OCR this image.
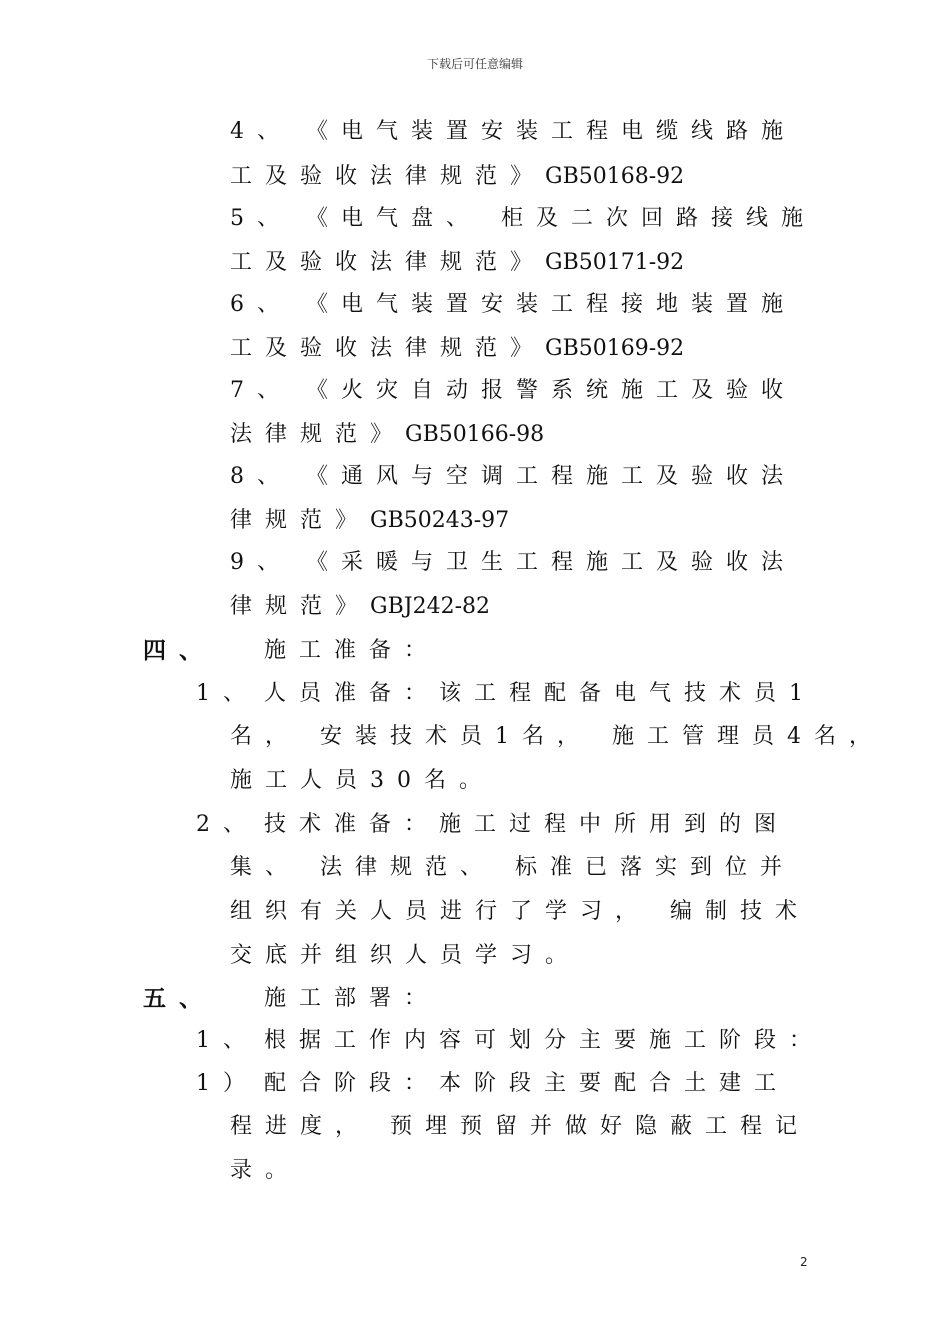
下载后可任意编辑
4、 《电气装置安装工程电缆线路施
工及验收法律规范》GB50168-92
5、 《电气盘、 柜及二次回路接线施
工及验收法律规范》GB50171-92
6、 《电气装置安装工程接地装置施
工及验收法律规范》GB50169-92
7、 《火灾自动报警系统施工及验收
法律规范》GB50166-98
8、 《通风与空调工程施工及验收法
律规范》GB50243-97
9、 《采暖与卫生工程施工及验收法
律规范》GBJ242-82
四、 施工准备：
1、 人员准备：该工程配备电气技术员1
名， 安装技术员1名， 施工管理员4名，
施工人员30名。
2、 技术准备：施工过程中所用到的图
集、 法律规范、 标准已落实到位并
组织有关人员进行了学习， 编制技术
交底并组织人员学习。
五、 施工部署：
1、 根据工作内容可划分主要施工阶段：
1） 配合阶段：本阶段主要配合土建工
程进度， 预埋预留并做好隐蔽工程记
录。
2
